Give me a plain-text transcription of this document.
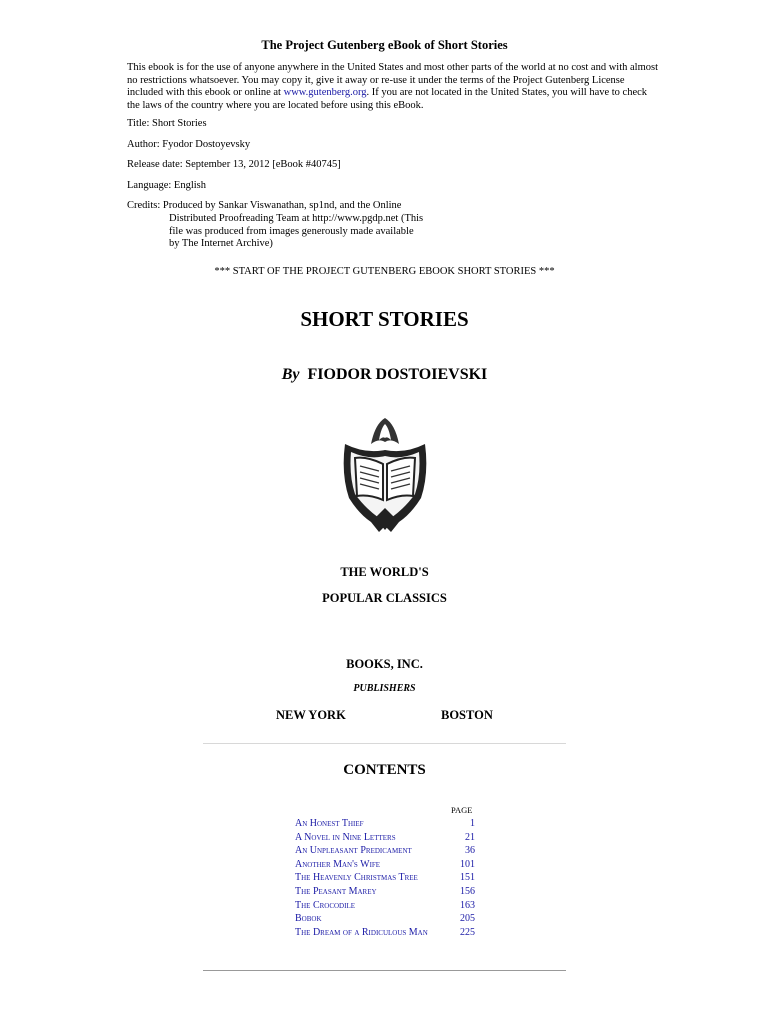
The Project Gutenberg eBook of Short Stories
This ebook is for the use of anyone anywhere in the United States and most other parts of the world at no cost and with almost
no restrictions whatsoever. You may copy it, give it away or re-use it under the terms of the Project Gutenberg License
included with this ebook or online at www.gutenberg.org. If you are not located in the United States, you will have to check
the laws of the country where you are located before using this eBook.
Title: Short Stories
Author: Fyodor Dostoyevsky
Release date: September 13, 2012 [eBook #40745]
Language: English
Credits: Produced by Sankar Viswanathan, sp1nd, and the Online
Distributed Proofreading Team at http://www.pgdp.net (This
file was produced from images generously made available
by The Internet Archive)
*** START OF THE PROJECT GUTENBERG EBOOK SHORT STORIES ***
SHORT STORIES
By FIODOR DOSTOIEVSKI
THE WORLD'S
POPULAR CLASSICS
BOOKS, INC.
PUBLISHERS
NEW YORK	BOSTON
CONTENTS
PAGE
An Honest Thief	1
A Novel in Nine Letters	21
An Unpleasant Predicament	36
Another Man's Wife	101
The Heavenly Christmas Tree	151
The Peasant Marey	156
The Crocodile	163
Bobok	205
The Dream of a Ridiculous Man	225
